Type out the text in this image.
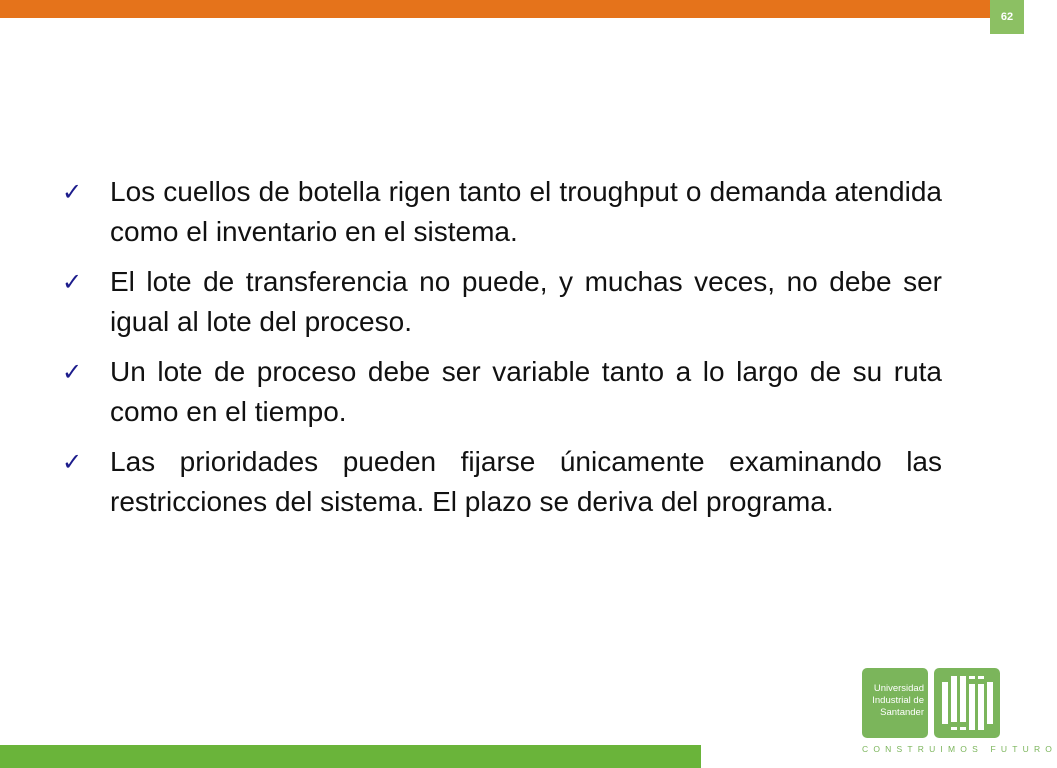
62
✓ Los cuellos de botella rigen tanto el troughput o demanda atendida como el inventario en el sistema.
✓ El lote de transferencia no puede, y muchas veces, no debe ser igual al lote del proceso.
✓ Un lote de proceso debe ser variable tanto a lo largo de su ruta como en el tiempo.
✓ Las prioridades pueden fijarse únicamente examinando las restricciones del sistema. El plazo se deriva del programa.
Universidad
Industrial de
Santander
CONSTRUIMOS FUTURO
